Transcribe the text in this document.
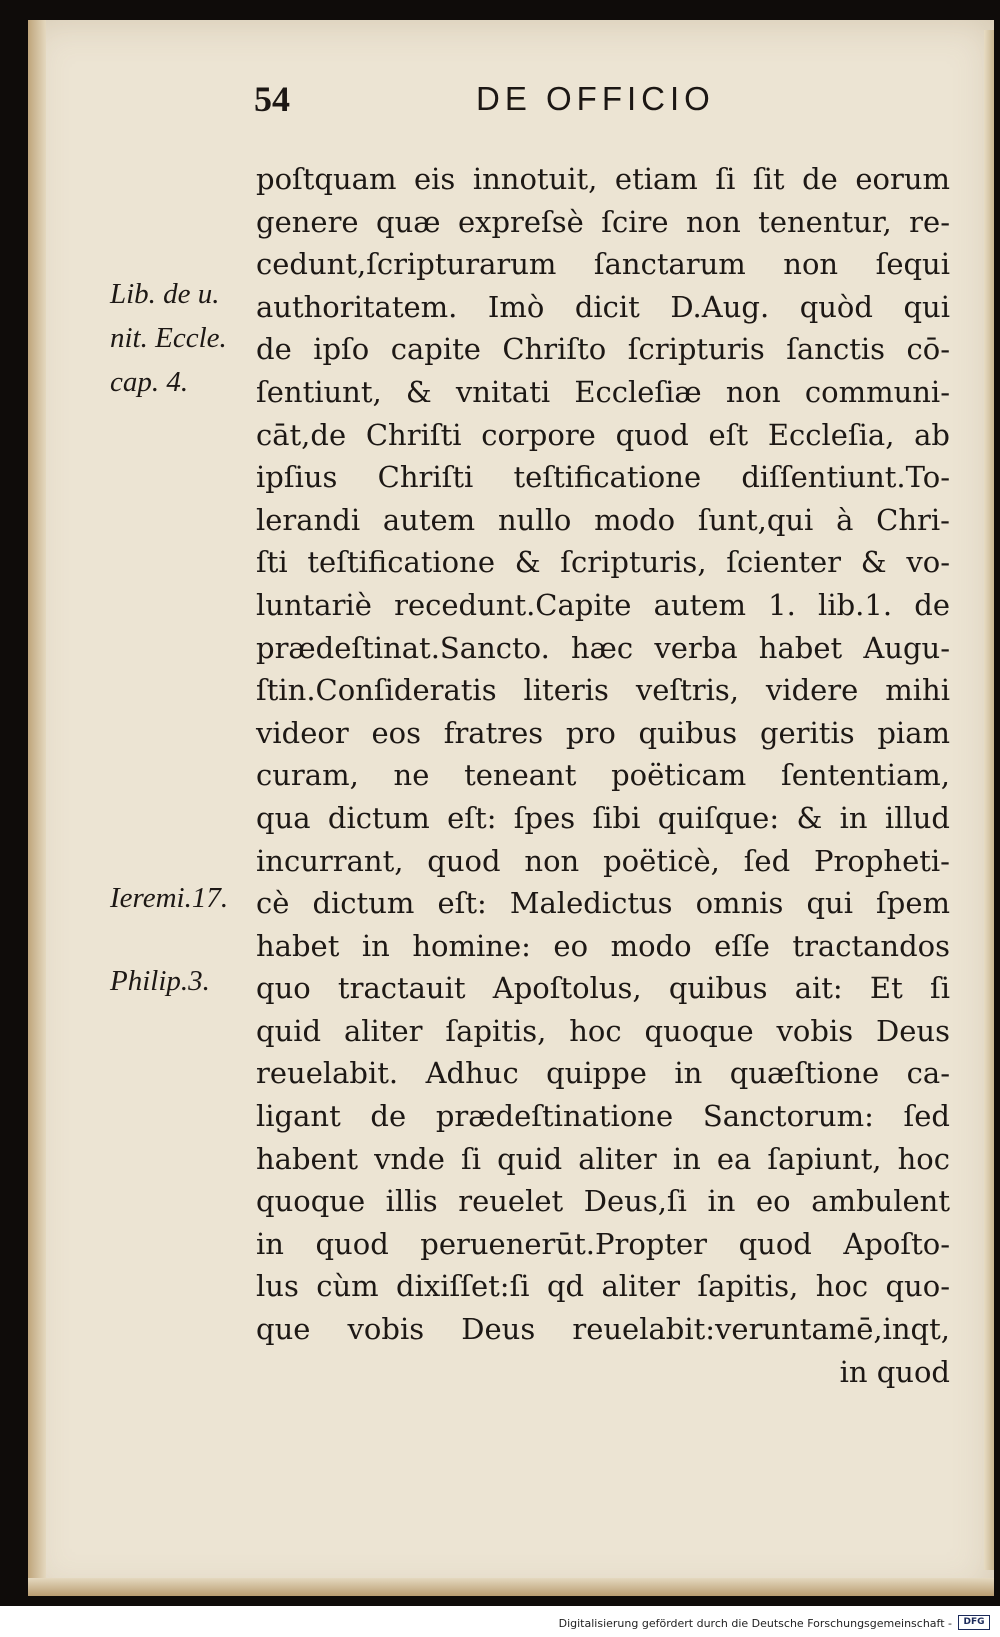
54	DE OFFICIO
Lib. de u.
nit. Eccle.
cap. 4.
Ieremi.17.
Philip.3.
poſtquam eis innotuit, etiam ſi ſit de eorum
genere quæ expreſsè ſcire non tenentur, re-
cedunt,ſcripturarum ſanctarum non ſequi
authoritatem. Imò dicit D.Aug. quòd qui
de ipſo capite Chriſto ſcripturis ſanctis cō-
ſentiunt, & vnitati Eccleſiæ non communi-
cāt,de Chriſti corpore quod eſt Eccleſia, ab
ipſius Chriſti teſtificatione diſſentiunt.To-
lerandi autem nullo modo ſunt,qui à Chri-
ſti teſtificatione & ſcripturis, ſcienter & vo-
luntariè recedunt.Capite autem 1. lib.1. de
prædeſtinat.Sancto. hæc verba habet Augu-
ſtin.Conſideratis literis veſtris, videre mihi
videor eos fratres pro quibus geritis piam
curam, ne teneant poëticam ſententiam,
qua dictum eſt: ſpes ſibi quiſque: & in illud
incurrant, quod non poëticè, ſed Propheti-
cè dictum eſt: Maledictus omnis qui ſpem
habet in homine: eo modo eſſe tractandos
quo tractauit Apoſtolus, quibus ait: Et ſi
quid aliter ſapitis, hoc quoque vobis Deus
reuelabit. Adhuc quippe in quæſtione ca-
ligant de prædeſtinatione Sanctorum: ſed
habent vnde ſi quid aliter in ea ſapiunt, hoc
quoque illis reuelet Deus,ſi in eo ambulent
in quod peruenerūt.Propter quod Apoſto-
lus cùm dixiſſet:ſi qd aliter ſapitis, hoc quo-
que vobis Deus reuelabit:veruntamē,inqt,
in quod
Digitalisierung gefördert durch die Deutsche Forschungsgemeinschaft -	DFG
